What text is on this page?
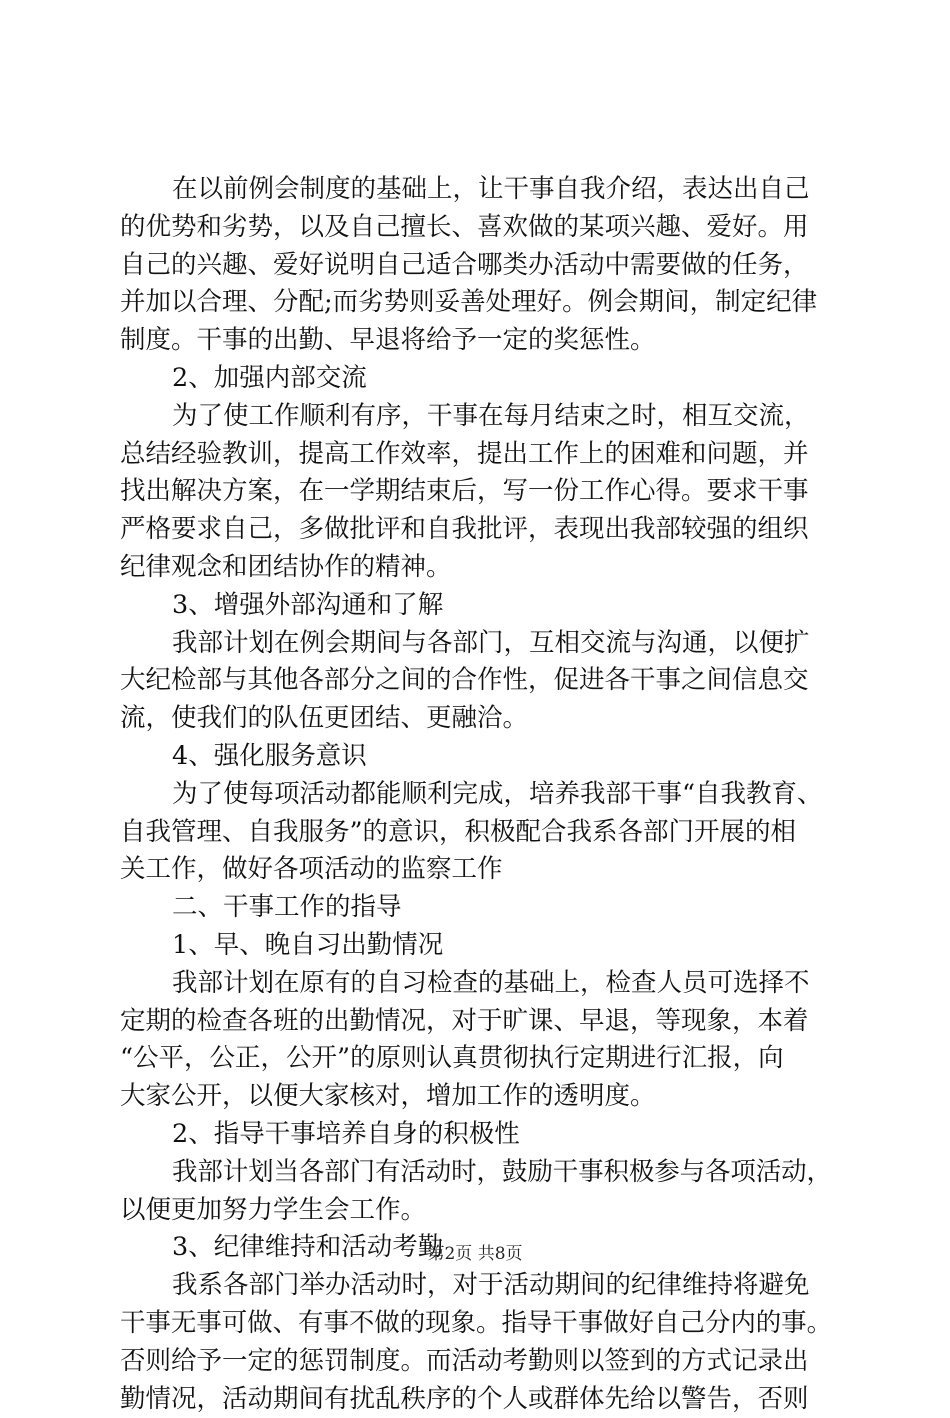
在以前例会制度的基础上，让干事自我介绍，表达出自己
的优势和劣势，以及自己擅长、喜欢做的某项兴趣、爱好。用
自己的兴趣、爱好说明自己适合哪类办活动中需要做的任务，
并加以合理、分配;而劣势则妥善处理好。例会期间，制定纪律
制度。干事的出勤、早退将给予一定的奖惩性。
2、加强内部交流
为了使工作顺利有序，干事在每月结束之时，相互交流，
总结经验教训，提高工作效率，提出工作上的困难和问题，并
找出解决方案，在一学期结束后，写一份工作心得。要求干事
严格要求自己，多做批评和自我批评，表现出我部较强的组织
纪律观念和团结协作的精神。
3、增强外部沟通和了解
我部计划在例会期间与各部门，互相交流与沟通，以便扩
大纪检部与其他各部分之间的合作性，促进各干事之间信息交
流，使我们的队伍更团结、更融洽。
4、强化服务意识
为了使每项活动都能顺利完成，培养我部干事“自我教育、
自我管理、自我服务”的意识，积极配合我系各部门开展的相
关工作，做好各项活动的监察工作
二、干事工作的指导
1、早、晚自习出勤情况
我部计划在原有的自习检查的基础上，检查人员可选择不
定期的检查各班的出勤情况，对于旷课、早退，等现象，本着
“公平，公正，公开”的原则认真贯彻执行定期进行汇报，向
大家公开，以便大家核对，增加工作的透明度。
2、指导干事培养自身的积极性
我部计划当各部门有活动时，鼓励干事积极参与各项活动，
以便更加努力学生会工作。
3、纪律维持和活动考勤
我系各部门举办活动时，对于活动期间的纪律维持将避免
干事无事可做、有事不做的现象。指导干事做好自己分内的事。
否则给予一定的惩罚制度。而活动考勤则以签到的方式记录出
勤情况，活动期间有扰乱秩序的个人或群体先给以警告，否则
第2页 共8页
